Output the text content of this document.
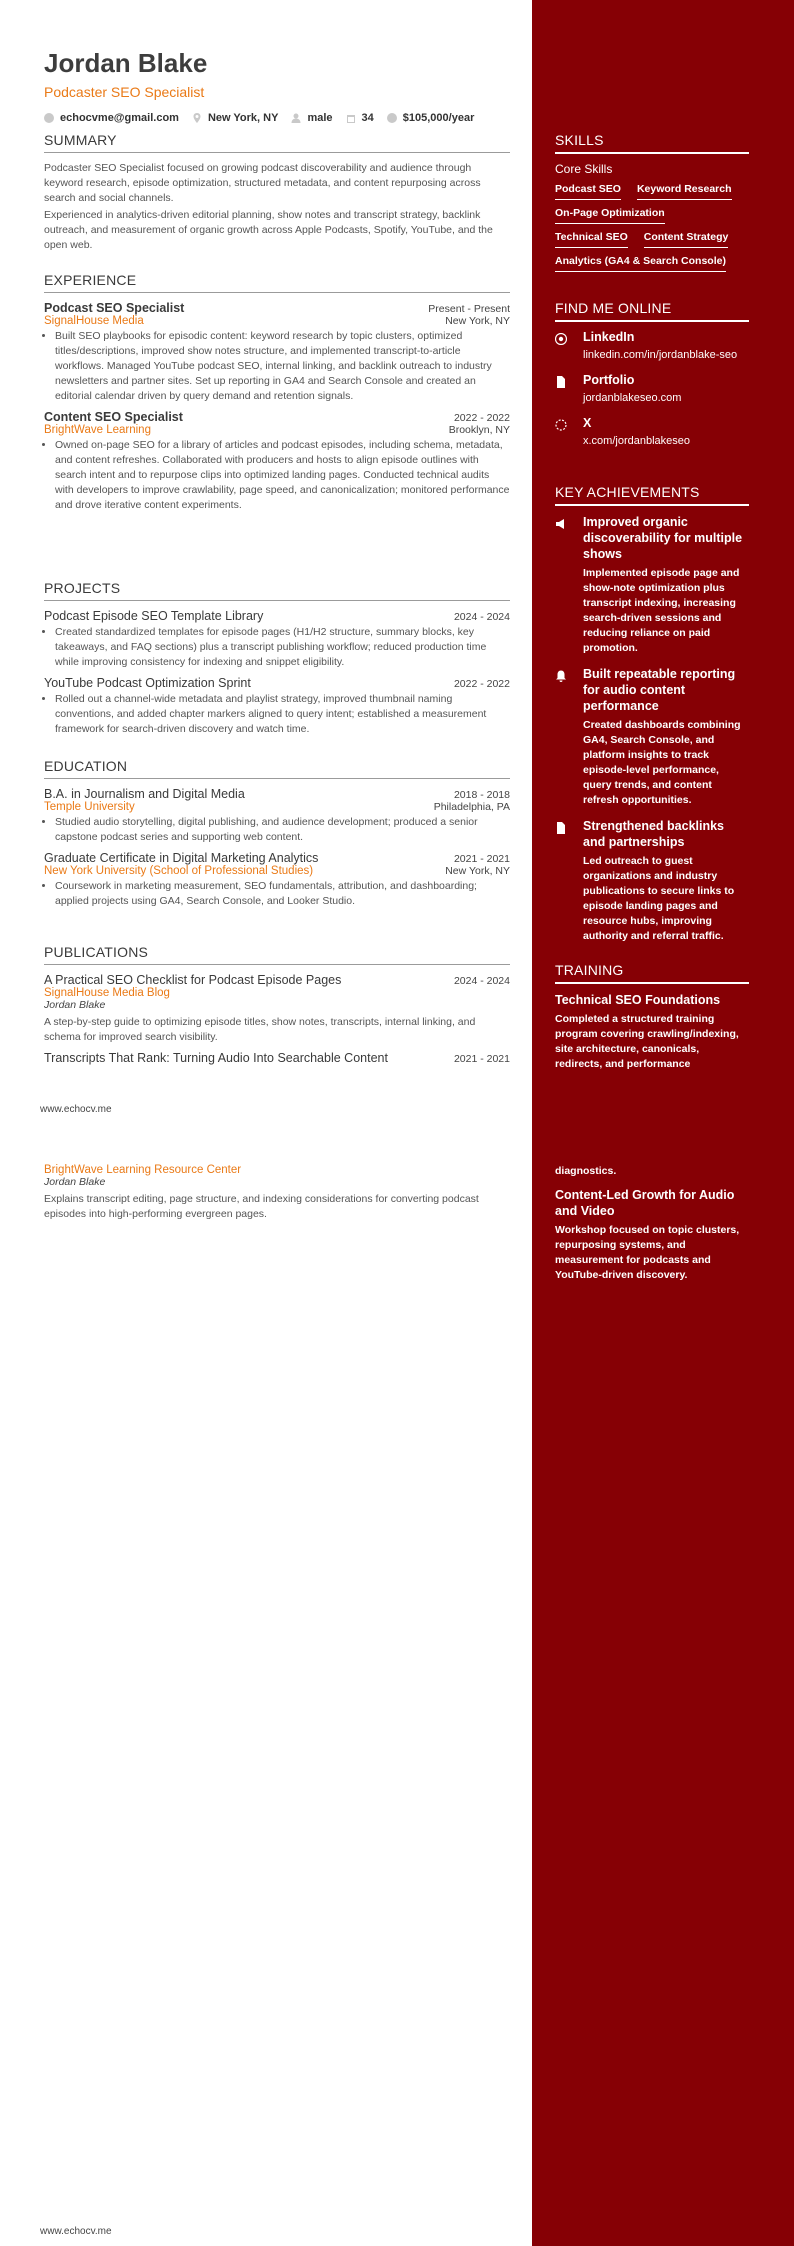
Jordan Blake
Podcaster SEO Specialist
echocvme@gmail.com	New York, NY	male	34	$105,000/year
SUMMARY

Podcaster SEO Specialist focused on growing podcast discoverability and audience through keyword research, episode optimization, structured metadata, and content repurposing across search and social channels.

Experienced in analytics-driven editorial planning, show notes and transcript strategy, backlink outreach, and measurement of organic growth across Apple Podcasts, Spotify, YouTube, and the open web.

EXPERIENCE
Podcast SEO Specialist	Present - Present
SignalHouse Media	New York, NY
• Built SEO playbooks for episodic content: keyword research by topic clusters, optimized titles/descriptions, improved show notes structure, and implemented transcript-to-article workflows. Managed YouTube podcast SEO, internal linking, and backlink outreach to industry newsletters and partner sites. Set up reporting in GA4 and Search Console and created an editorial calendar driven by query demand and retention signals.
Content SEO Specialist	2022 - 2022
BrightWave Learning	Brooklyn, NY
• Owned on-page SEO for a library of articles and podcast episodes, including schema, metadata, and content refreshes. Collaborated with producers and hosts to align episode outlines with search intent and to repurpose clips into optimized landing pages. Conducted technical audits with developers to improve crawlability, page speed, and canonicalization; monitored performance and drove iterative content experiments.
PROJECTS
Podcast Episode SEO Template Library	2024 - 2024
• Created standardized templates for episode pages (H1/H2 structure, summary blocks, key takeaways, and FAQ sections) plus a transcript publishing workflow; reduced production time while improving consistency for indexing and snippet eligibility.
YouTube Podcast Optimization Sprint	2022 - 2022
• Rolled out a channel-wide metadata and playlist strategy, improved thumbnail naming conventions, and added chapter markers aligned to query intent; established a measurement framework for search-driven discovery and watch time.
EDUCATION
B.A. in Journalism and Digital Media	2018 - 2018
Temple University	Philadelphia, PA
• Studied audio storytelling, digital publishing, and audience development; produced a senior capstone podcast series and supporting web content.
Graduate Certificate in Digital Marketing Analytics	2021 - 2021
New York University (School of Professional Studies)	New York, NY
• Coursework in marketing measurement, SEO fundamentals, attribution, and dashboarding; applied projects using GA4, Search Console, and Looker Studio.
PUBLICATIONS
A Practical SEO Checklist for Podcast Episode Pages	2024 - 2024
SignalHouse Media Blog
Jordan Blake

A step-by-step guide to optimizing episode titles, show notes, transcripts, internal linking, and schema for improved search visibility.

Transcripts That Rank: Turning Audio Into Searchable Content	2021 - 2021
www.echocv.me
BrightWave Learning Resource Center
Jordan Blake

Explains transcript editing, page structure, and indexing considerations for converting podcast episodes into high-performing evergreen pages.

www.echocv.me
SKILLS
Core Skills
Podcast SEO Keyword Research
On-Page Optimization
Technical SEO Content Strategy
Analytics (GA4 & Search Console)
FIND ME ONLINE
LinkedIn
linkedin.com/in/jordanblake-seo
Portfolio
jordanblakeseo.com
X
x.com/jordanblakeseo
KEY ACHIEVEMENTS
Improved organic discoverability for multiple shows
Implemented episode page and show-note optimization plus transcript indexing, increasing search-driven sessions and reducing reliance on paid promotion.
Built repeatable reporting for audio content performance
Created dashboards combining GA4, Search Console, and platform insights to track episode-level performance, query trends, and content refresh opportunities.
Strengthened backlinks and partnerships
Led outreach to guest organizations and industry publications to secure links to episode landing pages and resource hubs, improving authority and referral traffic.
TRAINING
Technical SEO Foundations
Completed a structured training program covering crawling/indexing, site architecture, canonicals, redirects, and performance
diagnostics.
Content-Led Growth for Audio and Video
Workshop focused on topic clusters, repurposing systems, and measurement for podcasts and YouTube-driven discovery.
